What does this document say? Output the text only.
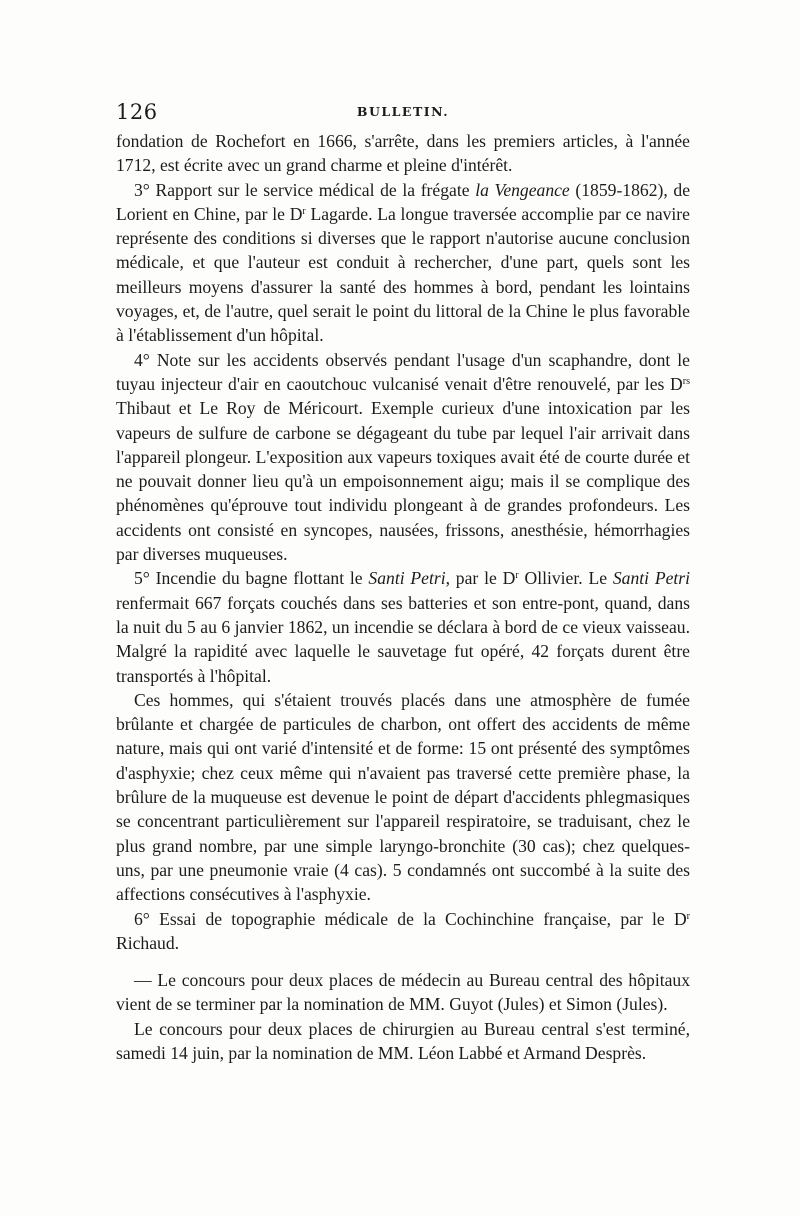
126	BULLETIN.

fondation de Rochefort en 1666, s'arrête, dans les premiers articles, à l'année 1712, est écrite avec un grand charme et pleine d'intérêt.

3° Rapport sur le service médical de la frégate la Vengeance (1859-1862), de Lorient en Chine, par le $D^r$ Lagarde. La longue traversée accomplie par ce navire représente des conditions si diverses que le rapport n'autorise aucune conclusion médicale, et que l'auteur est conduit à rechercher, d'une part, quels sont les meilleurs moyens d'assurer la santé des hommes à bord, pendant les lointains voyages, et, de l'autre, quel serait le point du littoral de la Chine le plus favorable à l'établissement d'un hôpital.

4° Note sur les accidents observés pendant l'usage d'un scaphandre, dont le tuyau injecteur d'air en caoutchouc vulcanisé venait d'être renouvelé, par les $D^{rs}$ Thibaut et Le Roy de Méricourt. Exemple curieux d'une intoxication par les vapeurs de sulfure de carbone se dégageant du tube par lequel l'air arrivait dans l'appareil plongeur. L'exposition aux vapeurs toxiques avait été de courte durée et ne pouvait donner lieu qu'à un empoisonnement aigu; mais il se complique des phénomènes qu'éprouve tout individu plongeant à de grandes profondeurs. Les accidents ont consisté en syncopes, nausées, frissons, anesthésie, hémorrhagies par diverses muqueuses.

5° Incendie du bagne flottant le Santi Petri, par le $D^r$ Ollivier. Le Santi Petri renfermait 667 forçats couchés dans ses batteries et son entre-pont, quand, dans la nuit du 5 au 6 janvier 1862, un incendie se déclara à bord de ce vieux vaisseau. Malgré la rapidité avec laquelle le sauvetage fut opéré, 42 forçats durent être transportés à l'hôpital.

Ces hommes, qui s'étaient trouvés placés dans une atmosphère de fumée brûlante et chargée de particules de charbon, ont offert des accidents de même nature, mais qui ont varié d'intensité et de forme: 15 ont présenté des symptômes d'asphyxie; chez ceux même qui n'avaient pas traversé cette première phase, la brûlure de la muqueuse est devenue le point de départ d'accidents phlegmasiques se concentrant particulièrement sur l'appareil respiratoire, se traduisant, chez le plus grand nombre, par une simple laryngo-bronchite (30 cas); chez quelques-uns, par une pneumonie vraie (4 cas). 5 condamnés ont succombé à la suite des affections consécutives à l'asphyxie.

6° Essai de topographie médicale de la Cochinchine française, par le $D^r$ Richaud.

— Le concours pour deux places de médecin au Bureau central des hôpitaux vient de se terminer par la nomination de MM. Guyot (Jules) et Simon (Jules).

Le concours pour deux places de chirurgien au Bureau central s'est terminé, samedi 14 juin, par la nomination de MM. Léon Labbé et Armand Desprès.
